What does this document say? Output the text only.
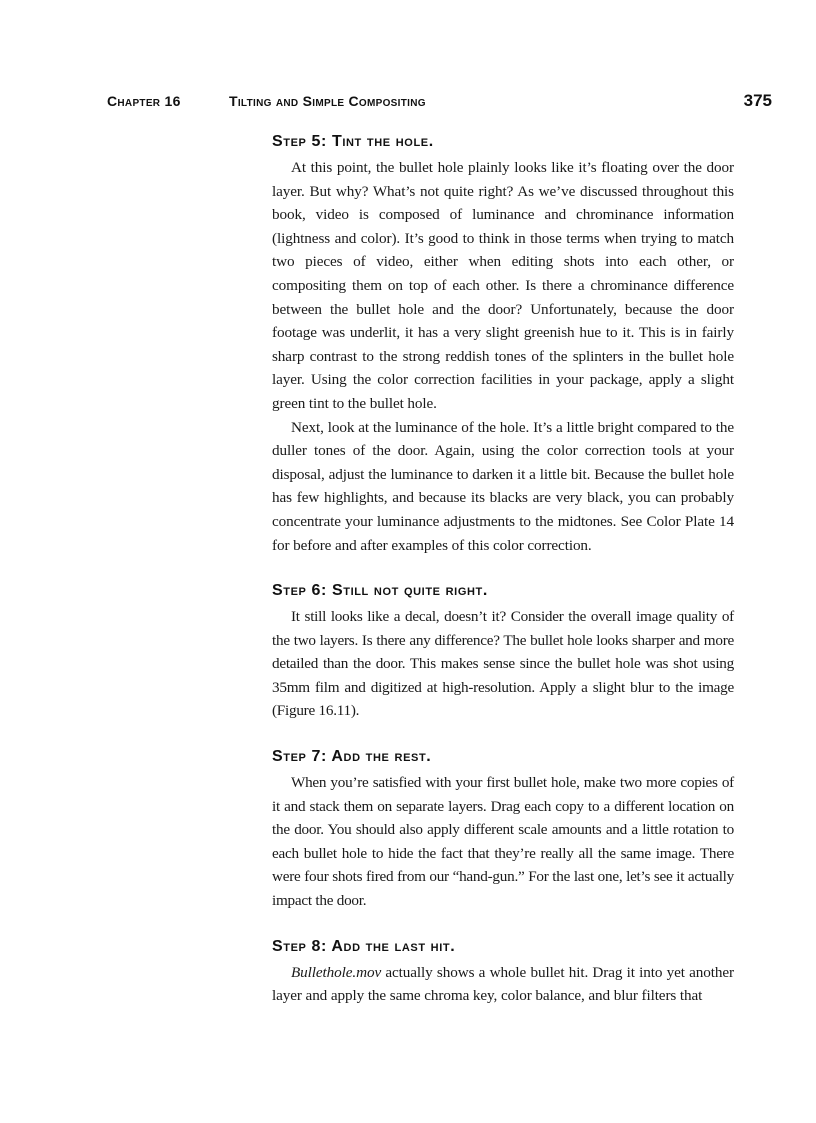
Chapter 16	Tilting and Simple Compositing	375
Step 5: Tint the hole.

At this point, the bullet hole plainly looks like it’s floating over the door layer. But why? What’s not quite right? As we’ve discussed throughout this book, video is composed of luminance and chrominance information (lightness and color). It’s good to think in those terms when trying to match two pieces of video, either when editing shots into each other, or compositing them on top of each other. Is there a chrominance difference between the bullet hole and the door? Unfortunately, because the door footage was underlit, it has a very slight greenish hue to it. This is in fairly sharp contrast to the strong reddish tones of the splinters in the bullet hole layer. Using the color correction facilities in your package, apply a slight green tint to the bullet hole.

Next, look at the luminance of the hole. It’s a little bright compared to the duller tones of the door. Again, using the color correction tools at your disposal, adjust the luminance to darken it a little bit. Because the bullet hole has few highlights, and because its blacks are very black, you can probably concentrate your luminance adjustments to the midtones. See Color Plate 14 for before and after examples of this color correction.

Step 6: Still not quite right.

It still looks like a decal, doesn’t it? Consider the overall image quality of the two layers. Is there any difference? The bullet hole looks sharper and more detailed than the door. This makes sense since the bullet hole was shot using 35mm film and digitized at high-resolution. Apply a slight blur to the image (Figure 16.11).

Step 7: Add the rest.

When you’re satisfied with your first bullet hole, make two more copies of it and stack them on separate layers. Drag each copy to a different location on the door. You should also apply different scale amounts and a little rotation to each bullet hole to hide the fact that they’re really all the same image. There were four shots fired from our “hand-gun.” For the last one, let’s see it actually impact the door.

Step 8: Add the last hit.

Bullethole.mov actually shows a whole bullet hit. Drag it into yet another layer and apply the same chroma key, color balance, and blur filters that
